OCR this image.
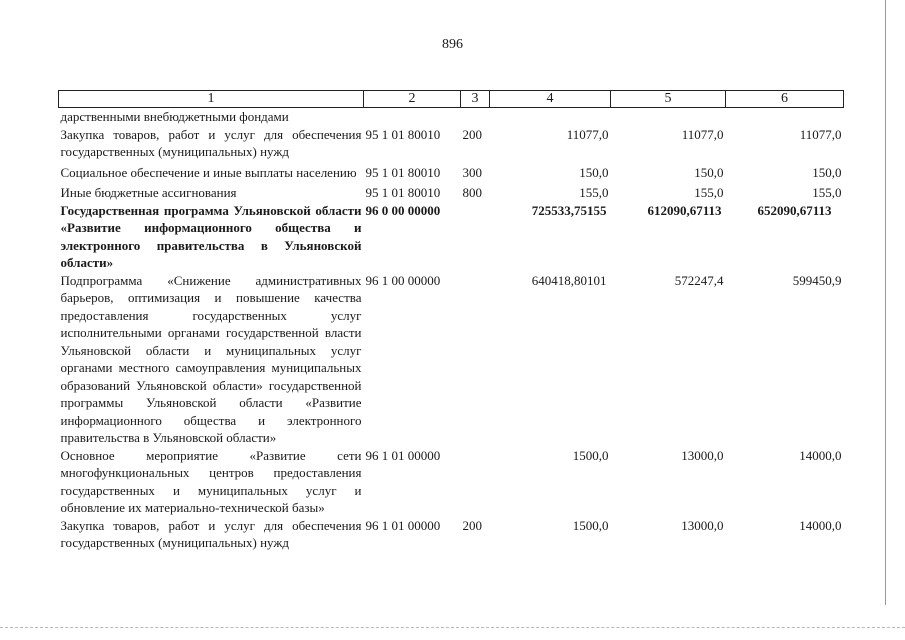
896
1	2	3	4	5	6
дарственными внебюджетными фондами					
Закупка товаров, работ и услуг для обеспечения государственных (муниципальных) нужд	95 1 01 80010	200	11077,0	11077,0	11077,0
Социальное обеспечение и иные выплаты населению	95 1 01 80010	300	150,0	150,0	150,0
Иные бюджетные ассигнования	95 1 01 80010	800	155,0	155,0	155,0
Государственная программа Ульяновской области «Развитие информационного общества и электронного правительства в Ульяновской области»	96 0 00 00000		725533,75155	612090,67113	652090,67113
Подпрограмма «Снижение административных барьеров, оптимизация и повышение качества предоставления государственных услуг исполнительными органами государственной власти Ульяновской области и муниципальных услуг органами местного самоуправления муниципальных образований Ульяновской области» государственной программы Ульяновской области «Развитие информационного общества и электронного правительства в Ульяновской области»	96 1 00 00000		640418,80101	572247,4	599450,9
Основное мероприятие «Развитие сети многофункциональных центров предоставления государственных и муниципальных услуг и обновление их материально-технической базы»	96 1 01 00000		1500,0	13000,0	14000,0
Закупка товаров, работ и услуг для обеспечения государственных (муниципальных) нужд	96 1 01 00000	200	1500,0	13000,0	14000,0
